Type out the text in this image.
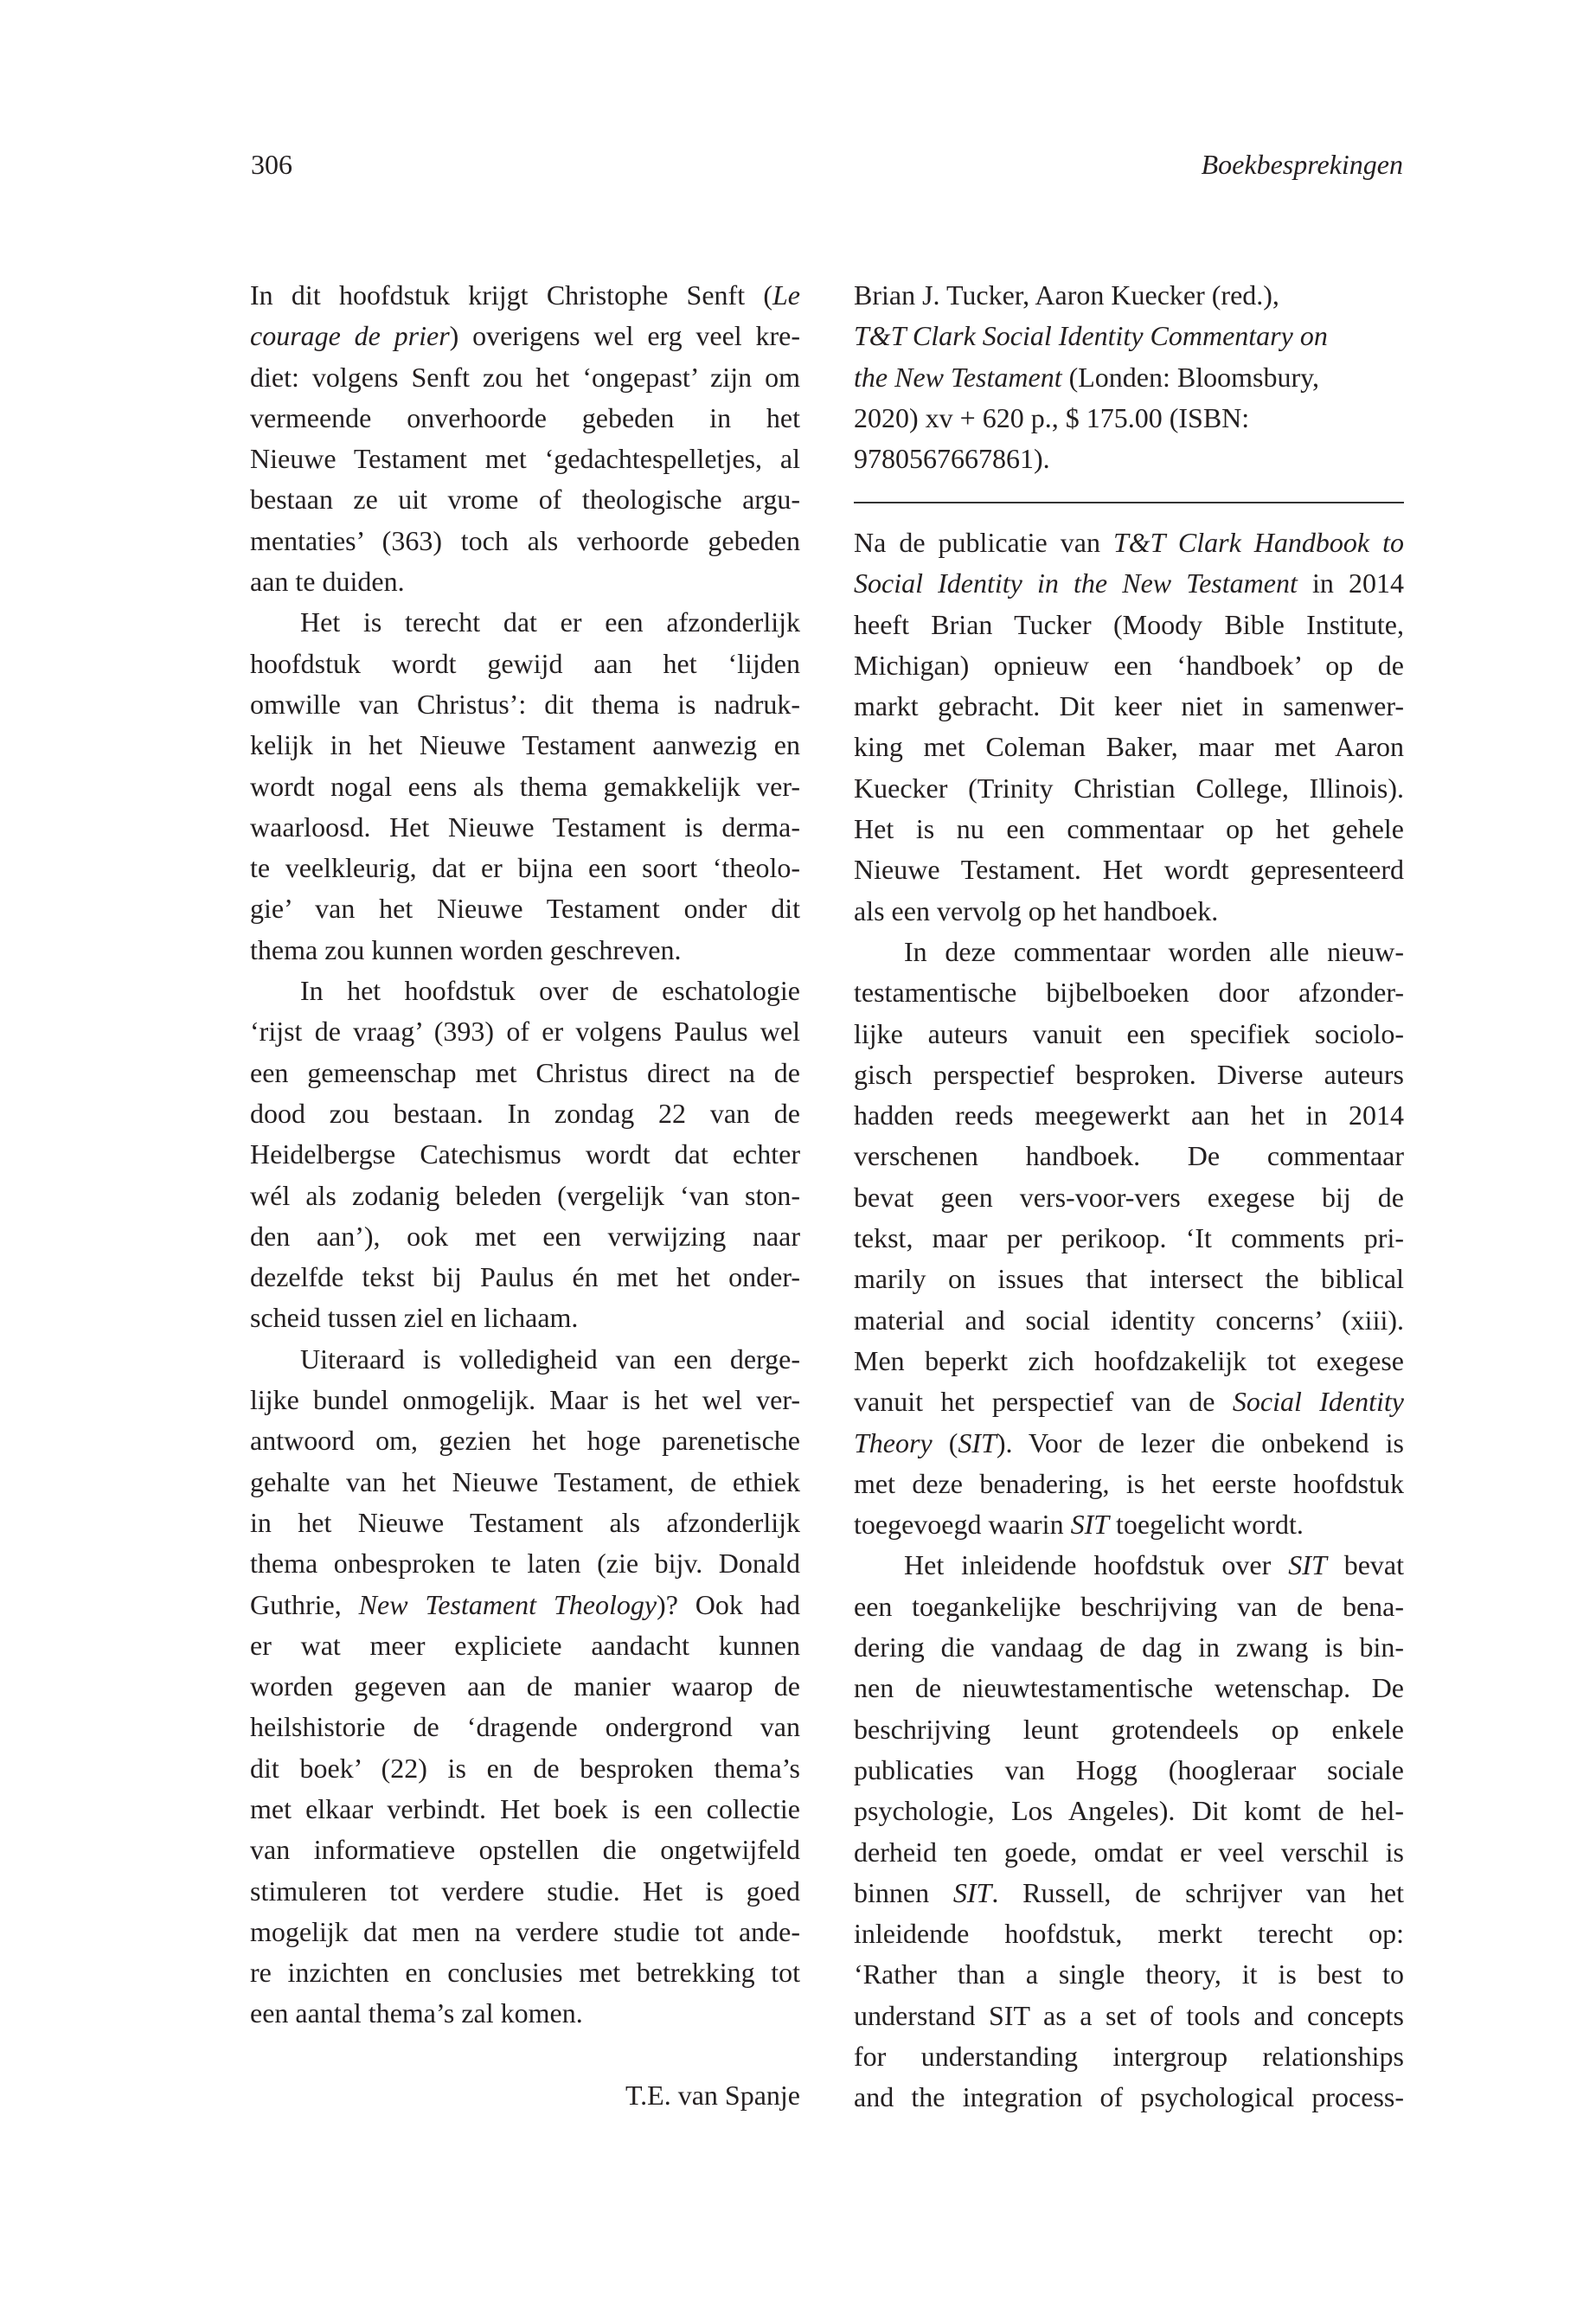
306	Boekbesprekingen
In dit hoofdstuk krijgt Christophe Senft (Le
courage de prier) overigens wel erg veel kre-
diet: volgens Senft zou het ‘ongepast’ zijn om
vermeende onverhoorde gebeden in het
Nieuwe Testament met ‘gedachtespelletjes, al
bestaan ze uit vrome of theologische argu-
mentaties’ (363) toch als verhoorde gebeden
aan te duiden.
Het is terecht dat er een afzonderlijk
hoofdstuk wordt gewijd aan het ‘lijden
omwille van Christus’: dit thema is nadruk-
kelijk in het Nieuwe Testament aanwezig en
wordt nogal eens als thema gemakkelijk ver-
waarloosd. Het Nieuwe Testament is derma-
te veelkleurig, dat er bijna een soort ‘theolo-
gie’ van het Nieuwe Testament onder dit
thema zou kunnen worden geschreven.
In het hoofdstuk over de eschatologie
‘rijst de vraag’ (393) of er volgens Paulus wel
een gemeenschap met Christus direct na de
dood zou bestaan. In zondag 22 van de
Heidelbergse Catechismus wordt dat echter
wél als zodanig beleden (vergelijk ‘van ston-
den aan’), ook met een verwijzing naar
dezelfde tekst bij Paulus én met het onder-
scheid tussen ziel en lichaam.
Uiteraard is volledigheid van een derge-
lijke bundel onmogelijk. Maar is het wel ver-
antwoord om, gezien het hoge parenetische
gehalte van het Nieuwe Testament, de ethiek
in het Nieuwe Testament als afzonderlijk
thema onbesproken te laten (zie bijv. Donald
Guthrie, New Testament Theology)? Ook had
er wat meer expliciete aandacht kunnen
worden gegeven aan de manier waarop de
heilshistorie de ‘dragende ondergrond van
dit boek’ (22) is en de besproken thema’s
met elkaar verbindt. Het boek is een collectie
van informatieve opstellen die ongetwijfeld
stimuleren tot verdere studie. Het is goed
mogelijk dat men na verdere studie tot ande-
re inzichten en conclusies met betrekking tot
een aantal thema’s zal komen.
T.E. van Spanje
Brian J. Tucker, Aaron Kuecker (red.),
T&T Clark Social Identity Commentary on
the New Testament (Londen: Bloomsbury,
2020) xv + 620 p., $ 175.00 (ISBN:
9780567667861).
Na de publicatie van T&T Clark Handbook to
Social Identity in the New Testament in 2014
heeft Brian Tucker (Moody Bible Institute,
Michigan) opnieuw een ‘handboek’ op de
markt gebracht. Dit keer niet in samenwer-
king met Coleman Baker, maar met Aaron
Kuecker (Trinity Christian College, Illinois).
Het is nu een commentaar op het gehele
Nieuwe Testament. Het wordt gepresenteerd
als een vervolg op het handboek.
In deze commentaar worden alle nieuw-
testamentische bijbelboeken door afzonder-
lijke auteurs vanuit een specifiek sociolo-
gisch perspectief besproken. Diverse auteurs
hadden reeds meegewerkt aan het in 2014
verschenen handboek. De commentaar
bevat geen vers-voor-vers exegese bij de
tekst, maar per perikoop. ‘It comments pri-
marily on issues that intersect the biblical
material and social identity concerns’ (xiii).
Men beperkt zich hoofdzakelijk tot exegese
vanuit het perspectief van de Social Identity
Theory (SIT). Voor de lezer die onbekend is
met deze benadering, is het eerste hoofdstuk
toegevoegd waarin SIT toegelicht wordt.
Het inleidende hoofdstuk over SIT bevat
een toegankelijke beschrijving van de bena-
dering die vandaag de dag in zwang is bin-
nen de nieuwtestamentische wetenschap. De
beschrijving leunt grotendeels op enkele
publicaties van Hogg (hoogleraar sociale
psychologie, Los Angeles). Dit komt de hel-
derheid ten goede, omdat er veel verschil is
binnen SIT. Russell, de schrijver van het
inleidende hoofdstuk, merkt terecht op:
‘Rather than a single theory, it is best to
understand SIT as a set of tools and concepts
for understanding intergroup relationships
and the integration of psychological process-
